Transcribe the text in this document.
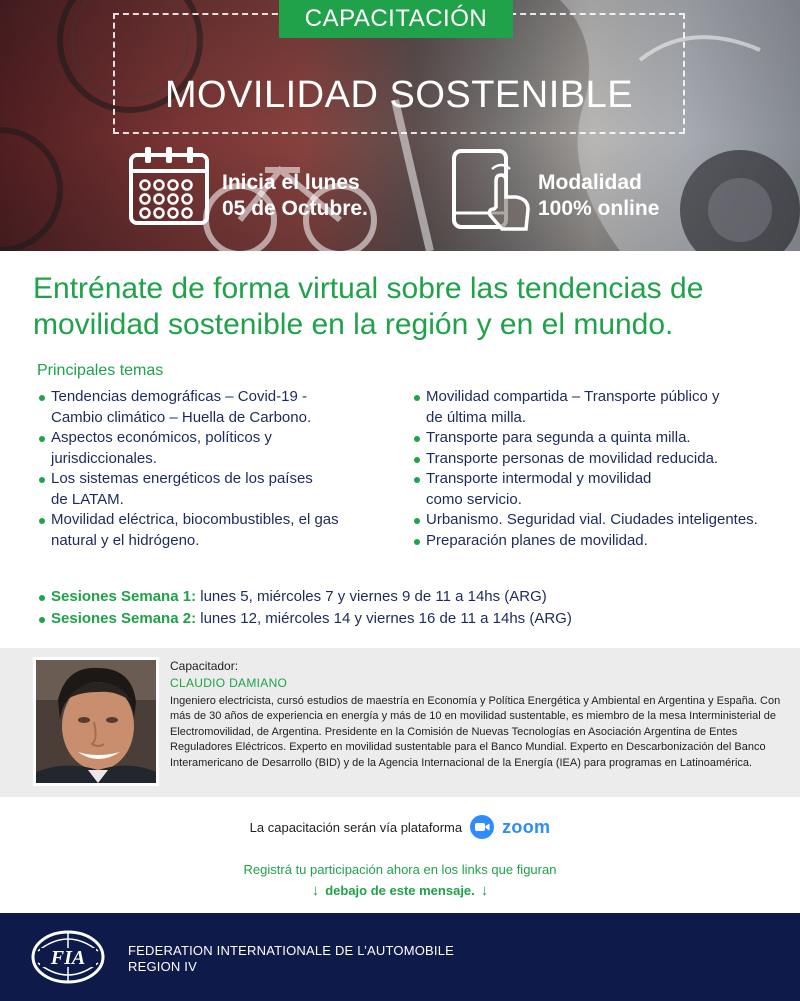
CAPACITACIÓN
MOVILIDAD SOSTENIBLE
Inicia el lunes
05 de Octubre.
Modalidad
100% online
Entrénate de forma virtual sobre las tendencias de movilidad sostenible en la región y en el mundo.
Principales temas
Tendencias demográficas – Covid-19 -
Cambio climático – Huella de Carbono.
Aspectos económicos, políticos y
jurisdiccionales.
Los sistemas energéticos de los países
de LATAM.
Movilidad eléctrica, biocombustibles, el gas
natural y el hidrógeno.
Movilidad compartida – Transporte público y
de última milla.
Transporte para segunda a quinta milla.
Transporte personas de movilidad reducida.
Transporte intermodal y movilidad
como servicio.
Urbanismo. Seguridad vial. Ciudades inteligentes.
Preparación planes de movilidad.
Sesiones Semana 1: lunes 5, miércoles 7 y viernes 9 de 11 a 14hs (ARG)
Sesiones Semana 2: lunes 12, miércoles 14 y viernes 16 de 11 a 14hs (ARG)
Capacitador:
CLAUDIO DAMIANO
Ingeniero electricista, cursó estudios de maestría en Economía y Política Energética y Ambiental en Argentina y España. Con más de 30 años de experiencia en energía y más de 10 en movilidad sustentable, es miembro de la mesa Interministerial de Electromovilidad, de Argentina. Presidente en la Comisión de Nuevas Tecnologías en Asociación Argentina de Entes Reguladores Eléctricos. Experto en movilidad sustentable para el Banco Mundial. Experto en Descarbonización del Banco Interamericano de Desarrollo (BID) y de la Agencia Internacional de la Energía (IEA) para programas en Latinoamérica.
La capacitación serán vía plataforma zoom
Registrá tu participación ahora en los links que figuran
↓ debajo de este mensaje. ↓
FIA	FEDERATION INTERNATIONALE DE L’AUTOMOBILE
REGION IV
